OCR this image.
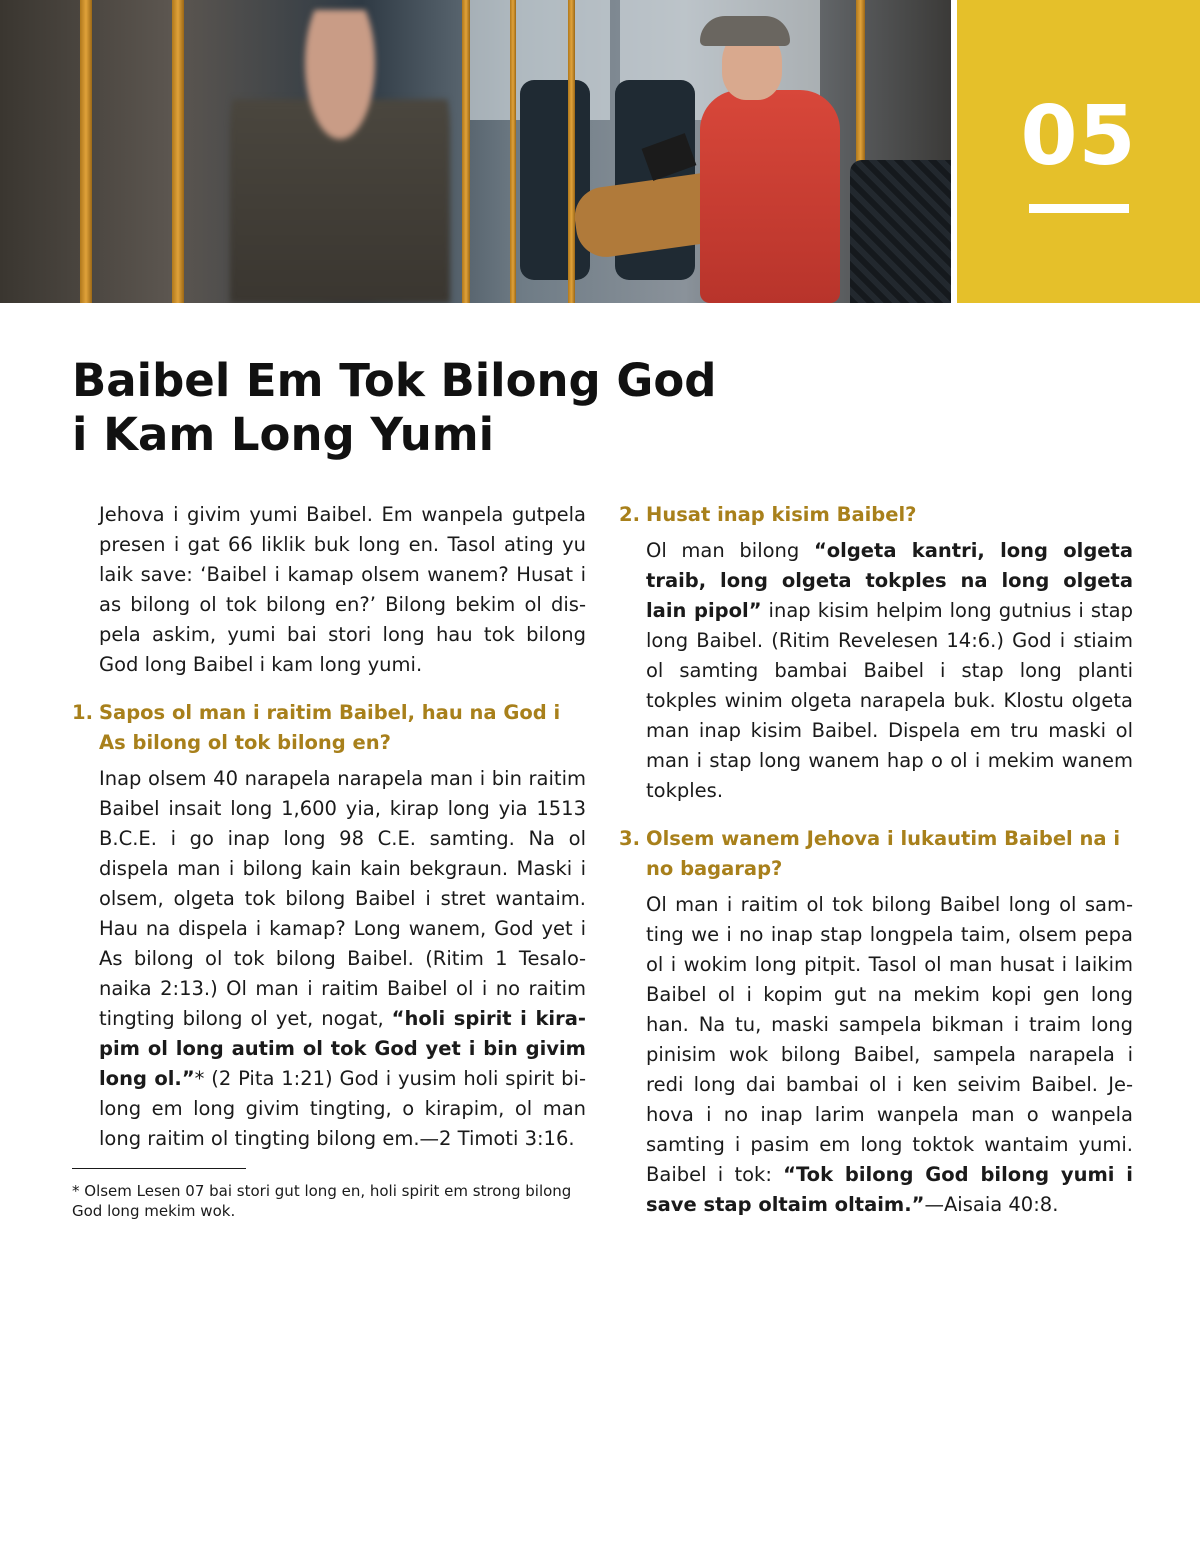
05
Baibel Em Tok Bilong God
i Kam Long Yumi

Jehova i givim yumi Baibel. Em wanpela gutpela presen i gat 66 liklik buk long en. Tasol ating yu laik save: ‘Baibel i kamap olsem wanem? Husat i as bilong ol tok bilong en?’ Bilong bekim ol dispela askim, yumi bai stori long hau tok bilong God long Baibel i kam long yumi.

1. Sapos ol man i raitim Baibel, hau na God i As bilong ol tok bilong en?

Inap olsem 40 narapela narapela man i bin raitim Baibel insait long 1,600 yia, kirap long yia 1513 B.C.E. i go inap long 98 C.E. samting. Na ol dispela man i bilong kain kain bekgraun. Maski i olsem, olgeta tok bilong Baibel i stret wantaim. Hau na dispela i kamap? Long wanem, God yet i As bilong ol tok bilong Baibel. (Ritim 1 Tesalonaika 2:13.) Ol man i raitim Baibel ol i no raitim tingting bilong ol yet, nogat, “holi spirit i kirapim ol long autim ol tok God yet i bin givim long ol.”* (2 Pita 1:21) God i yusim holi spirit bilong em long givim tingting, o kirapim, ol man long raitim ol tingting bilong em.—2 Timoti 3:16.

* Olsem Lesen 07 bai stori gut long en, holi spirit em strong bilong God long mekim wok.

2. Husat inap kisim Baibel?

Ol man bilong “olgeta kantri, long olgeta traib, long olgeta tokples na long olgeta lain pipol” inap kisim helpim long gutnius i stap long Baibel. (Ritim Revelesen 14:6.) God i stiaim ol samting bambai Baibel i stap long planti tokples winim olgeta narapela buk. Klostu olgeta man inap kisim Baibel. Dispela em tru maski ol man i stap long wanem hap o ol i mekim wanem tokples.

3. Olsem wanem Jehova i lukautim Baibel na i no bagarap?

Ol man i raitim ol tok bilong Baibel long ol samting we i no inap stap longpela taim, olsem pepa ol i wokim long pitpit. Tasol ol man husat i laikim Baibel ol i kopim gut na mekim kopi gen long han. Na tu, maski sampela bikman i traim long pinisim wok bilong Baibel, sampela narapela i redi long dai bambai ol i ken seivim Baibel. Jehova i no inap larim wanpela man o wanpela samting i pasim em long toktok wantaim yumi. Baibel i tok: “Tok bilong God bilong yumi i save stap oltaim oltaim.”—Aisaia 40:8.
